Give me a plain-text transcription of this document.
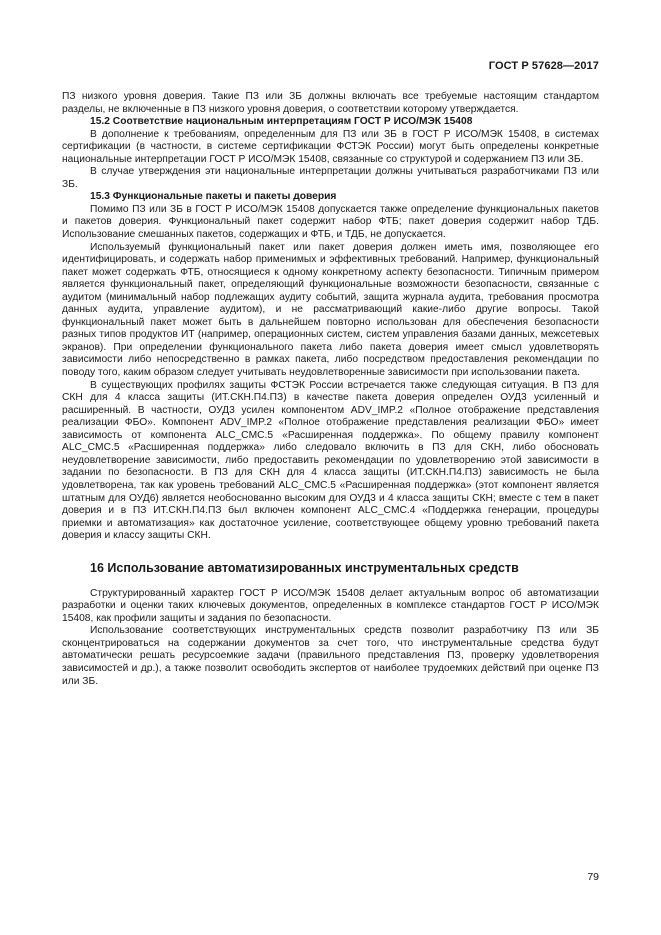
ГОСТ Р 57628—2017

ПЗ низкого уровня доверия. Такие ПЗ или ЗБ должны включать все требуемые настоящим стандартом разделы, не включенные в ПЗ низкого уровня доверия, о соответствии которому утверждается.

15.2 Соответствие национальным интерпретациям ГОСТ Р ИСО/МЭК 15408

В дополнение к требованиям, определенным для ПЗ или ЗБ в ГОСТ Р ИСО/МЭК 15408, в системах сертификации (в частности, в системе сертификации ФСТЭК России) могут быть определены конкретные национальные интерпретации ГОСТ Р ИСО/МЭК 15408, связанные со структурой и содержанием ПЗ или ЗБ.

В случае утверждения эти национальные интерпретации должны учитываться разработчиками ПЗ или ЗБ.

15.3 Функциональные пакеты и пакеты доверия

Помимо ПЗ или ЗБ в ГОСТ Р ИСО/МЭК 15408 допускается также определение функциональных пакетов и пакетов доверия. Функциональный пакет содержит набор ФТБ; пакет доверия содержит набор ТДБ. Использование смешанных пакетов, содержащих и ФТБ, и ТДБ, не допускается.

Используемый функциональный пакет или пакет доверия должен иметь имя, позволяющее его идентифицировать, и содержать набор применимых и эффективных требований. Например, функциональный пакет может содержать ФТБ, относящиеся к одному конкретному аспекту безопасности. Типичным примером является функциональный пакет, определяющий функциональные возможности безопасности, связанные с аудитом (минимальный набор подлежащих аудиту событий, защита журнала аудита, требования просмотра данных аудита, управление аудитом), и не рассматривающий какие-либо другие вопросы. Такой функциональный пакет может быть в дальнейшем повторно использован для обеспечения безопасности разных типов продуктов ИТ (например, операционных систем, систем управления базами данных, межсетевых экранов). При определении функционального пакета либо пакета доверия имеет смысл удовлетворять зависимости либо непосредственно в рамках пакета, либо посредством предоставления рекомендации по поводу того, каким образом следует учитывать неудовлетворенные зависимости при использовании пакета.

В существующих профилях защиты ФСТЭК России встречается также следующая ситуация. В ПЗ для СКН для 4 класса защиты (ИТ.СКН.П4.ПЗ) в качестве пакета доверия определен ОУД3 усиленный и расширенный. В частности, ОУД3 усилен компонентом ADV_IMP.2 «Полное отображение представления реализации ФБО». Компонент ADV_IMP.2 «Полное отображение представления реализации ФБО» имеет зависимость от компонента ALC_CMC.5 «Расширенная поддержка». По общему правилу компонент ALC_CMC.5 «Расширенная поддержка» либо следовало включить в ПЗ для СКН, либо обосновать неудовлетворение зависимости, либо предоставить рекомендации по удовлетворению этой зависимости в задании по безопасности. В ПЗ для СКН для 4 класса защиты (ИТ.СКН.П4.ПЗ) зависимость не была удовлетворена, так как уровень требований ALC_CMC.5 «Расширенная поддержка» (этот компонент является штатным для ОУД6) является необоснованно высоким для ОУД3 и 4 класса защиты СКН; вместе с тем в пакет доверия и в ПЗ ИТ.СКН.П4.ПЗ был включен компонент ALC_CMC.4 «Поддержка генерации, процедуры приемки и автоматизация» как достаточное усиление, соответствующее общему уровню требований пакета доверия и классу защиты СКН.

16 Использование автоматизированных инструментальных средств

Структурированный характер ГОСТ Р ИСО/МЭК 15408 делает актуальным вопрос об автоматизации разработки и оценки таких ключевых документов, определенных в комплексе стандартов ГОСТ Р ИСО/МЭК 15408, как профили защиты и задания по безопасности.

Использование соответствующих инструментальных средств позволит разработчику ПЗ или ЗБ сконцентрироваться на содержании документов за счет того, что инструментальные средства будут автоматически решать ресурсоемкие задачи (правильного представления ПЗ, проверку удовлетворения зависимостей и др.), а также позволит освободить экспертов от наиболее трудоемких действий при оценке ПЗ или ЗБ.

79
